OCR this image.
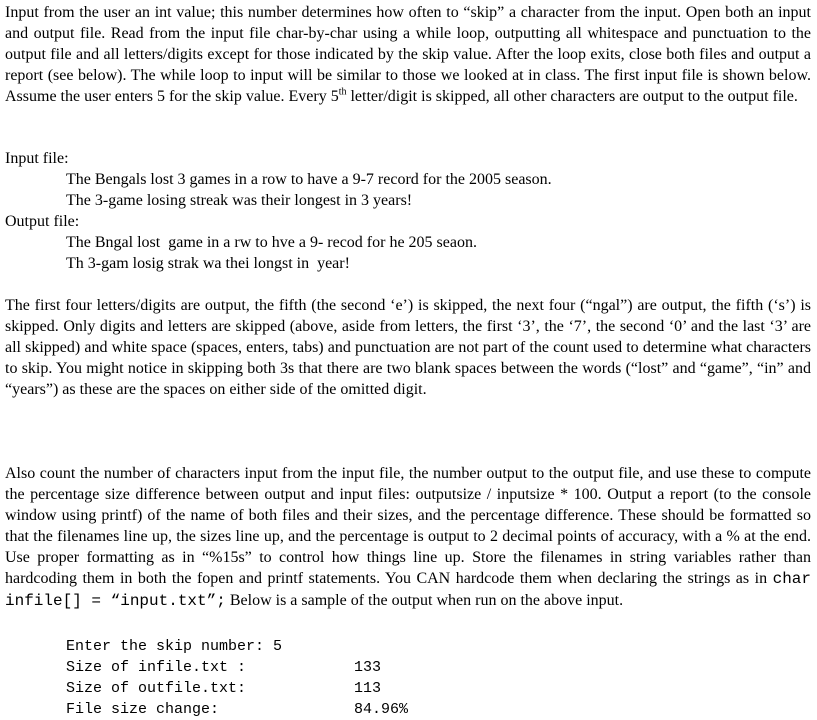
Input from the user an int value; this number determines how often to “skip” a character from the input. Open both an input and output file. Read from the input file char-by-char using a while loop, outputting all whitespace and punctuation to the output file and all letters/digits except for those indicated by the skip value. After the loop exits, close both files and output a report (see below). The while loop to input will be similar to those we looked at in class. The first input file is shown below. Assume the user enters 5 for the skip value. Every 5th letter/digit is skipped, all other characters are output to the output file.

Input file:
The Bengals lost 3 games in a row to have a 9-7 record for the 2005 season.
The 3-game losing streak was their longest in 3 years!
Output file:
The Bngal lost  game in a rw to hve a 9- recod for he 205 seaon.
Th 3-gam losig strak wa thei longst in  year!

The first four letters/digits are output, the fifth (the second ‘e’) is skipped, the next four (“ngal”) are output, the fifth (‘s’) is skipped. Only digits and letters are skipped (above, aside from letters, the first ‘3’, the ‘7’, the second ‘0’ and the last ‘3’ are all skipped) and white space (spaces, enters, tabs) and punctuation are not part of the count used to determine what characters to skip. You might notice in skipping both 3s that there are two blank spaces between the words (“lost” and “game”, “in” and “years”) as these are the spaces on either side of the omitted digit.

Also count the number of characters input from the input file, the number output to the output file, and use these to compute the percentage size difference between output and input files: outputsize / inputsize * 100. Output a report (to the console window using printf) of the name of both files and their sizes, and the percentage difference. These should be formatted so that the filenames line up, the sizes line up, and the percentage is output to 2 decimal points of accuracy, with a % at the end. Use proper formatting as in “%15s” to control how things line up. Store the filenames in string variables rather than hardcoding them in both the fopen and printf statements. You CAN hardcode them when declaring the strings as in char infile[] = “input.txt”; Below is a sample of the output when run on the above input.

Enter the skip number: 5
Size of infile.txt :	133
Size of outfile.txt:	113
File size change:	84.96%
